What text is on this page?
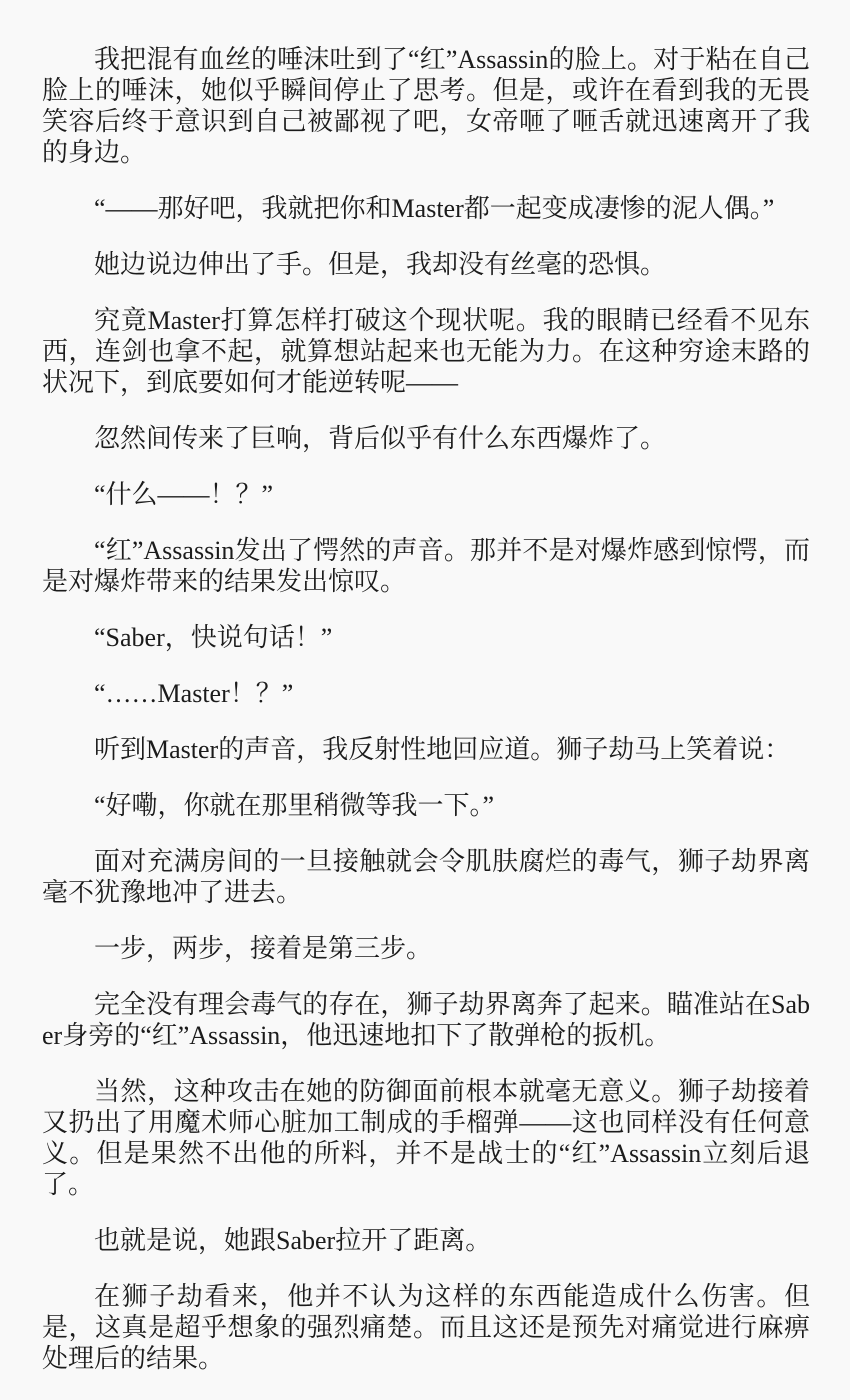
我把混有血丝的唾沫吐到了“红”Assassin的脸上。对于粘在自己脸上的唾沫，她似乎瞬间停止了思考。但是，或许在看到我的无畏笑容后终于意识到自己被鄙视了吧，女帝咂了咂舌就迅速离开了我的身边。

“——那好吧，我就把你和Master都一起变成凄惨的泥人偶。”

她边说边伸出了手。但是，我却没有丝毫的恐惧。

究竟Master打算怎样打破这个现状呢。我的眼睛已经看不见东西，连剑也拿不起，就算想站起来也无能为力。在这种穷途末路的状况下，到底要如何才能逆转呢——

忽然间传来了巨响，背后似乎有什么东西爆炸了。

“什么——！？”

“红”Assassin发出了愕然的声音。那并不是对爆炸感到惊愕，而是对爆炸带来的结果发出惊叹。

“Saber，快说句话！”

“……Master！？”

听到Master的声音，我反射性地回应道。狮子劫马上笑着说：

“好嘞，你就在那里稍微等我一下。”

面对充满房间的一旦接触就会令肌肤腐烂的毒气，狮子劫界离毫不犹豫地冲了进去。

一步，两步，接着是第三步。

完全没有理会毒气的存在，狮子劫界离奔了起来。瞄准站在Saber身旁的“红”Assassin，他迅速地扣下了散弹枪的扳机。

当然，这种攻击在她的防御面前根本就毫无意义。狮子劫接着又扔出了用魔术师心脏加工制成的手榴弹——这也同样没有任何意义。但是果然不出他的所料，并不是战士的“红”Assassin立刻后退了。

也就是说，她跟Saber拉开了距离。

在狮子劫看来，他并不认为这样的东西能造成什么伤害。但是，这真是超乎想象的强烈痛楚。而且这还是预先对痛觉进行麻痹处理后的结果。
